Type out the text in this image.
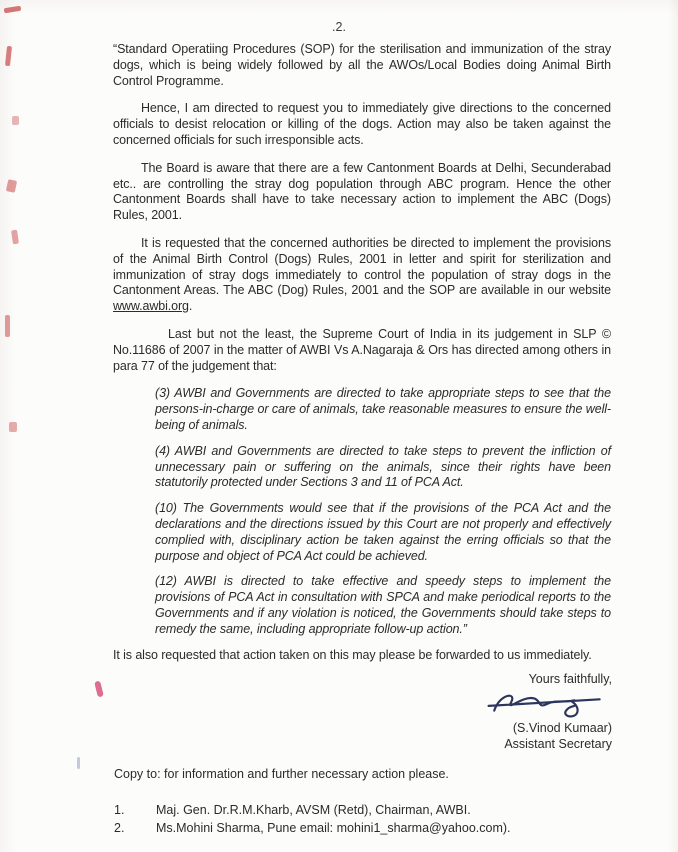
.2.

“Standard Operatiing Procedures (SOP) for the sterilisation and immunization of the stray dogs, which is being widely followed by all the AWOs/Local Bodies doing Animal Birth Control Programme.

Hence, I am directed to request you to immediately give directions to the concerned officials to desist relocation or killing of the dogs. Action may also be taken against the concerned officials for such irresponsible acts.

The Board is aware that there are a few Cantonment Boards at Delhi, Secunderabad etc.. are controlling the stray dog population through ABC program. Hence the other Cantonment Boards shall have to take necessary action to implement the ABC (Dogs) Rules, 2001.

It is requested that the concerned authorities be directed to implement the provisions of the Animal Birth Control (Dogs) Rules, 2001 in letter and spirit for sterilization and immunization of stray dogs immediately to control the population of stray dogs in the Cantonment Areas. The ABC (Dog) Rules, 2001 and the SOP are available in our website www.awbi.org.

Last but not the least, the Supreme Court of India in its judgement in SLP © No.11686 of 2007 in the matter of AWBI Vs A.Nagaraja & Ors has directed among others in para 77 of the judgement that:

(3) AWBI and Governments are directed to take appropriate steps to see that the persons-in-charge or care of animals, take reasonable measures to ensure the well-being of animals.

(4) AWBI and Governments are directed to take steps to prevent the infliction of unnecessary pain or suffering on the animals, since their rights have been statutorily protected under Sections 3 and 11 of PCA Act.

(10) The Governments would see that if the provisions of the PCA Act and the declarations and the directions issued by this Court are not properly and effectively complied with, disciplinary action be taken against the erring officials so that the purpose and object of PCA Act could be achieved.

(12) AWBI is directed to take effective and speedy steps to implement the provisions of PCA Act in consultation with SPCA and make periodical reports to the Governments and if any violation is noticed, the Governments should take steps to remedy the same, including appropriate follow-up action.”

It is also requested that action taken on this may please be forwarded to us immediately.

Yours faithfully,
(S.Vinod Kumaar)
Assistant Secretary
Copy to: for information and further necessary action please.
1.	Maj. Gen. Dr.R.M.Kharb, AVSM (Retd), Chairman, AWBI.
2.	Ms.Mohini Sharma, Pune email: mohini1_sharma@yahoo.com).
